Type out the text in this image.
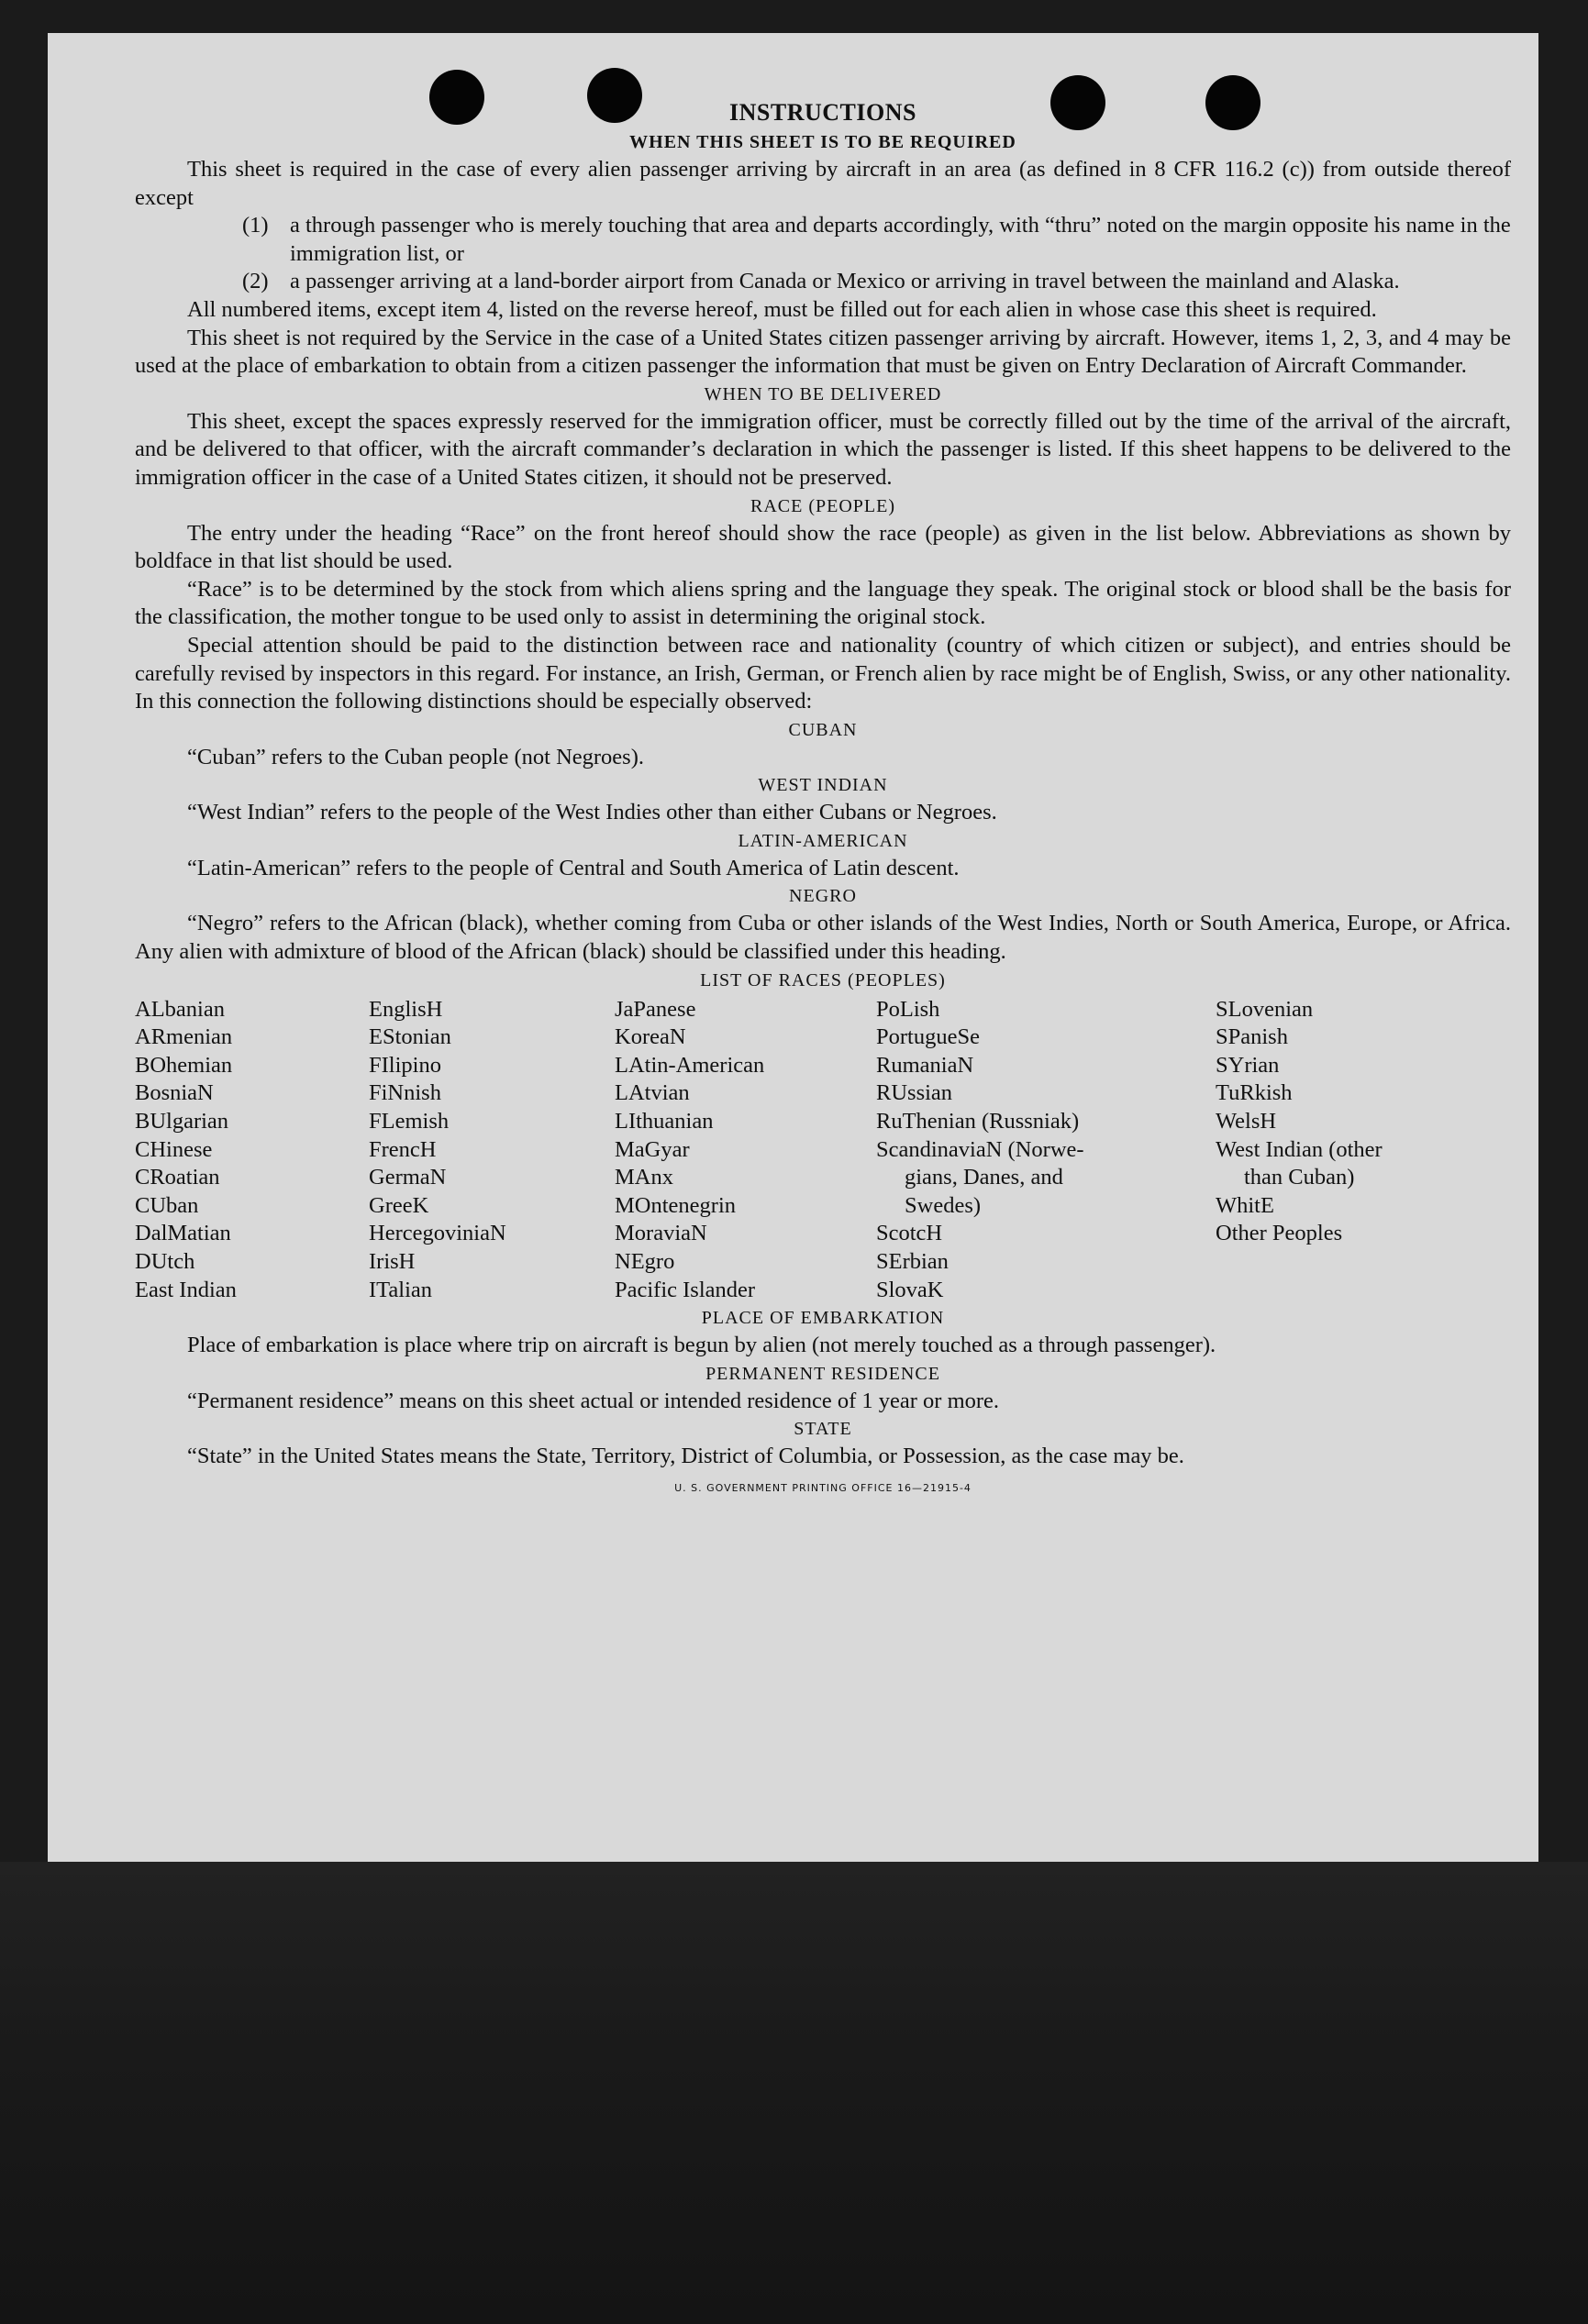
INSTRUCTIONS
WHEN THIS SHEET IS TO BE REQUIRED

This sheet is required in the case of every alien passenger arriving by aircraft in an area (as defined in 8 CFR 116.2 (c)) from outside thereof except

(1) a through passenger who is merely touching that area and departs accordingly, with “thru” noted on the margin opposite his name in the immigration list, or
(2) a passenger arriving at a land-border airport from Canada or Mexico or arriving in travel between the mainland and Alaska.

All numbered items, except item 4, listed on the reverse hereof, must be filled out for each alien in whose case this sheet is required.

This sheet is not required by the Service in the case of a United States citizen passenger arriving by aircraft. However, items 1, 2, 3, and 4 may be used at the place of embarkation to obtain from a citizen passenger the information that must be given on Entry Declaration of Aircraft Commander.

WHEN TO BE DELIVERED

This sheet, except the spaces expressly reserved for the immigration officer, must be correctly filled out by the time of the arrival of the aircraft, and be delivered to that officer, with the aircraft commander’s declaration in which the passenger is listed. If this sheet happens to be delivered to the immigration officer in the case of a United States citizen, it should not be preserved.

RACE (PEOPLE)

The entry under the heading “Race” on the front hereof should show the race (people) as given in the list below. Abbreviations as shown by boldface in that list should be used.

“Race” is to be determined by the stock from which aliens spring and the language they speak. The original stock or blood shall be the basis for the classification, the mother tongue to be used only to assist in determining the original stock.

Special attention should be paid to the distinction between race and nationality (country of which citizen or subject), and entries should be carefully revised by inspectors in this regard. For instance, an Irish, German, or French alien by race might be of English, Swiss, or any other nationality. In this connection the following distinctions should be especially observed:

CUBAN

“Cuban” refers to the Cuban people (not Negroes).

WEST INDIAN

“West Indian” refers to the people of the West Indies other than either Cubans or Negroes.

LATIN-AMERICAN

“Latin-American” refers to the people of Central and South America of Latin descent.

NEGRO

“Negro” refers to the African (black), whether coming from Cuba or other islands of the West Indies, North or South America, Europe, or Africa. Any alien with admixture of blood of the African (black) should be classified under this heading.

LIST OF RACES (PEOPLES)
ALbanian
ARmenian
BOhemian
BosniaN
BUlgarian
CHinese
CRoatian
CUban
DalMatian
DUtch
East Indian
EnglisH
EStonian
FIlipino
FiNnish
FLemish
FrencH
GermaN
GreeK
HercegoviniaN
IrisH
ITalian
JaPanese
KoreaN
LAtin-American
LAtvian
LIthuanian
MaGyar
MAnx
MOntenegrin
MoraviaN
NEgro
Pacific Islander
PoLish
PortugueSe
RumaniaN
RUssian
RuThenian (Russniak)
ScandinaviaN (Norwe-
gians, Danes, and
Swedes)
ScotcH
SErbian
SlovaK
SLovenian
SPanish
SYrian
TuRkish
WelsH
West Indian (other
than Cuban)
WhitE
Other Peoples
PLACE OF EMBARKATION

Place of embarkation is place where trip on aircraft is begun by alien (not merely touched as a through passenger).

PERMANENT RESIDENCE

“Permanent residence” means on this sheet actual or intended residence of 1 year or more.

STATE

“State” in the United States means the State, Territory, District of Columbia, or Possession, as the case may be.

U. S. GOVERNMENT PRINTING OFFICE 16—21915-4
